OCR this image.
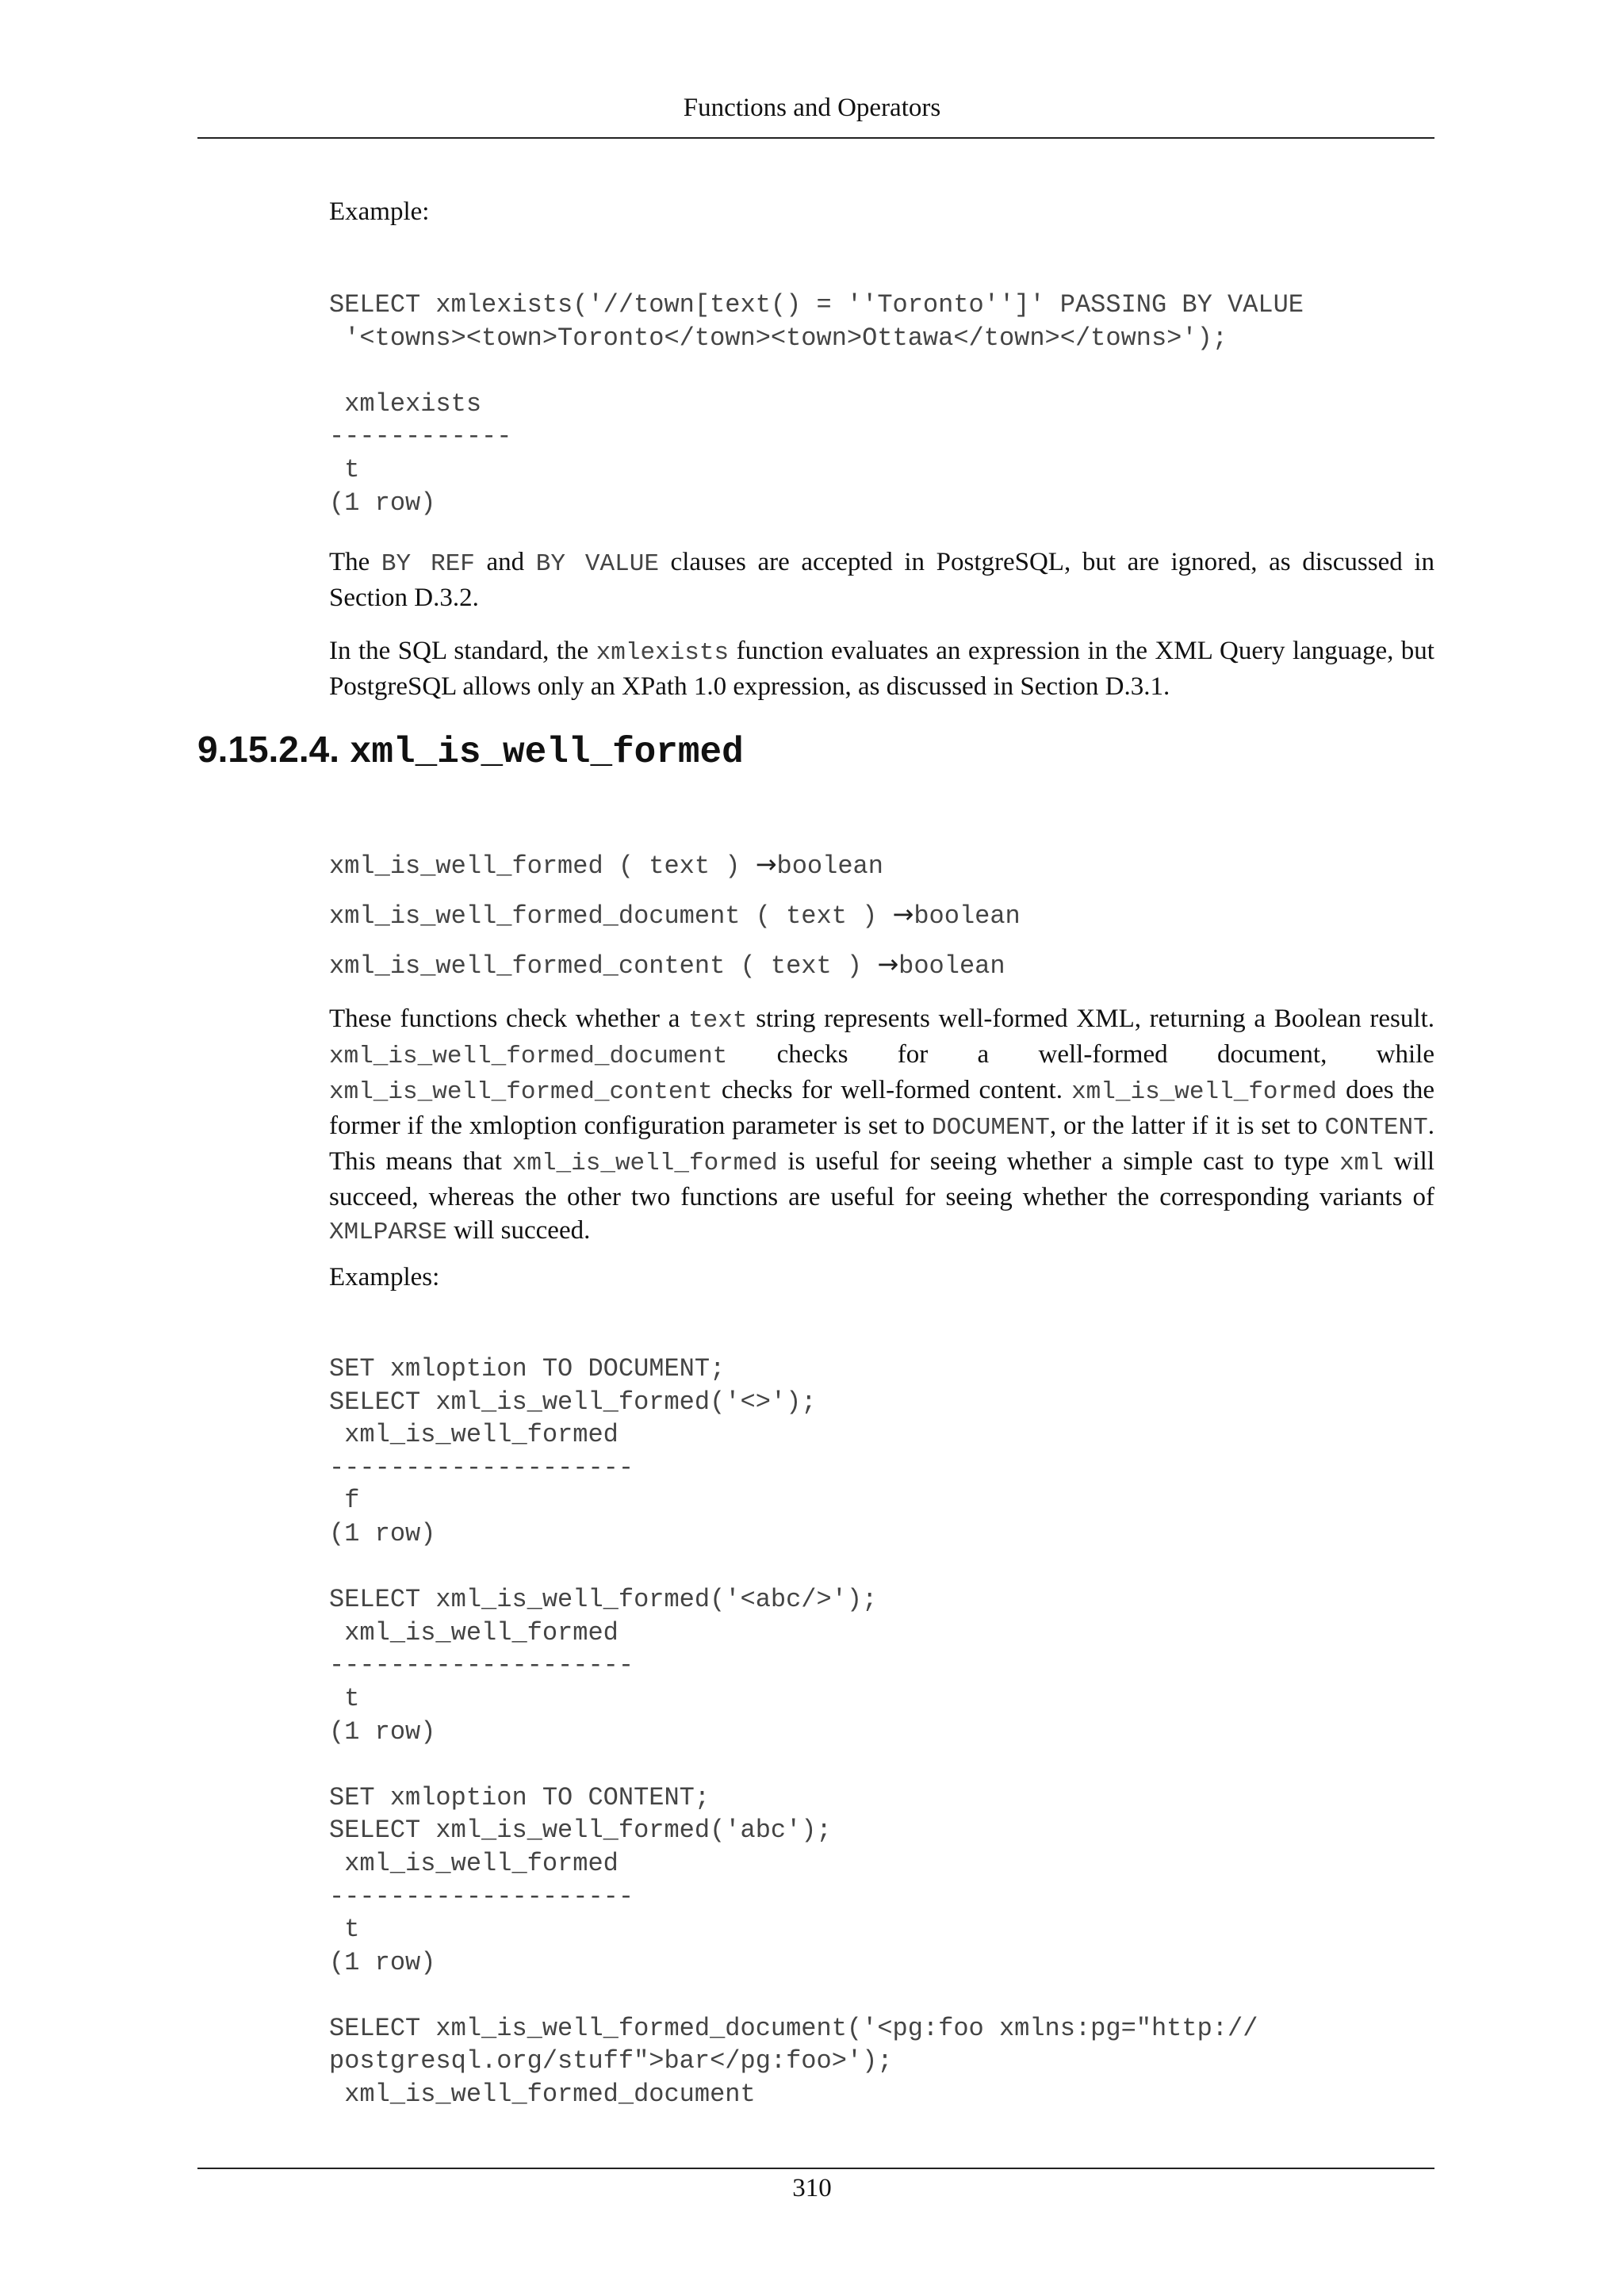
Functions and Operators

Example:

SELECT xmlexists('//town[text() = ''Toronto'']' PASSING BY VALUE
'<towns><town>Toronto</town><town>Ottawa</town></towns>');

xmlexists
------------
t
(1 row)

The BY REF and BY VALUE clauses are accepted in PostgreSQL, but are ignored, as discussed in Section D.3.2.

In the SQL standard, the xmlexists function evaluates an expression in the XML Query language, but PostgreSQL allows only an XPath 1.0 expression, as discussed in Section D.3.1.

9.15.2.4. xml_is_well_formed
xml_is_well_formed ( text ) →boolean
xml_is_well_formed_document ( text ) →boolean
xml_is_well_formed_content ( text ) →boolean

These functions check whether a text string represents well-formed XML, returning a Boolean result. xml_is_well_formed_document checks for a well-formed document, while xml_is_well_formed_content checks for well-formed content. xml_is_well_formed does the former if the xmloption configuration parameter is set to DOCUMENT, or the latter if it is set to CONTENT. This means that xml_is_well_formed is useful for seeing whether a simple cast to type xml will succeed, whereas the other two functions are useful for seeing whether the corresponding variants of XMLPARSE will succeed.

Examples:

SET xmloption TO DOCUMENT;
SELECT xml_is_well_formed('<>');
xml_is_well_formed
--------------------
f
(1 row)

SELECT xml_is_well_formed('<abc/>');
xml_is_well_formed
--------------------
t
(1 row)

SET xmloption TO CONTENT;
SELECT xml_is_well_formed('abc');
xml_is_well_formed
--------------------
t
(1 row)

SELECT xml_is_well_formed_document('<pg:foo xmlns:pg="http://
postgresql.org/stuff">bar</pg:foo>');
xml_is_well_formed_document
310
